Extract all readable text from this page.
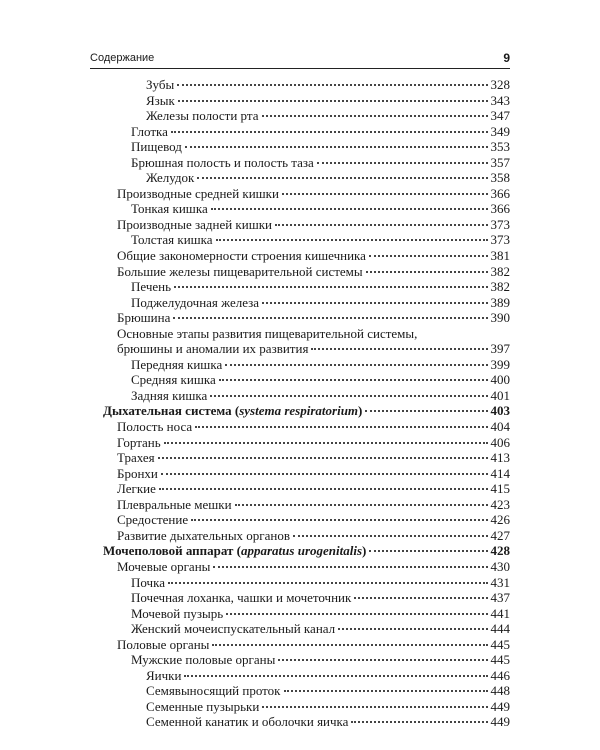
Содержание	9
Зубы	328
Язык	343
Железы полости рта	347
Глотка	349
Пищевод	353
Брюшная полость и полость таза	357
Желудок	358
Производные средней кишки	366
Тонкая кишка	366
Производные задней кишки	373
Толстая кишка	373
Общие закономерности строения кишечника	381
Большие железы пищеварительной системы	382
Печень	382
Поджелудочная железа	389
Брюшина	390
Основные этапы развития пищеварительной системы,
брюшины и аномалии их развития	397
Передняя кишка	399
Средняя кишка	400
Задняя кишка	401
Дыхательная система (systema respiratorium)	403
Полость носа	404
Гортань	406
Трахея	413
Бронхи	414
Легкие	415
Плевральные мешки	423
Средостение	426
Развитие дыхательных органов	427
Мочеполовой аппарат (apparatus urogenitalis)	428
Мочевые органы	430
Почка	431
Почечная лоханка, чашки и мочеточник	437
Мочевой пузырь	441
Женский мочеиспускательный канал	444
Половые органы	445
Мужские половые органы	445
Яички	446
Семявыносящий проток	448
Семенные пузырьки	449
Семенной канатик и оболочки яичка	449
